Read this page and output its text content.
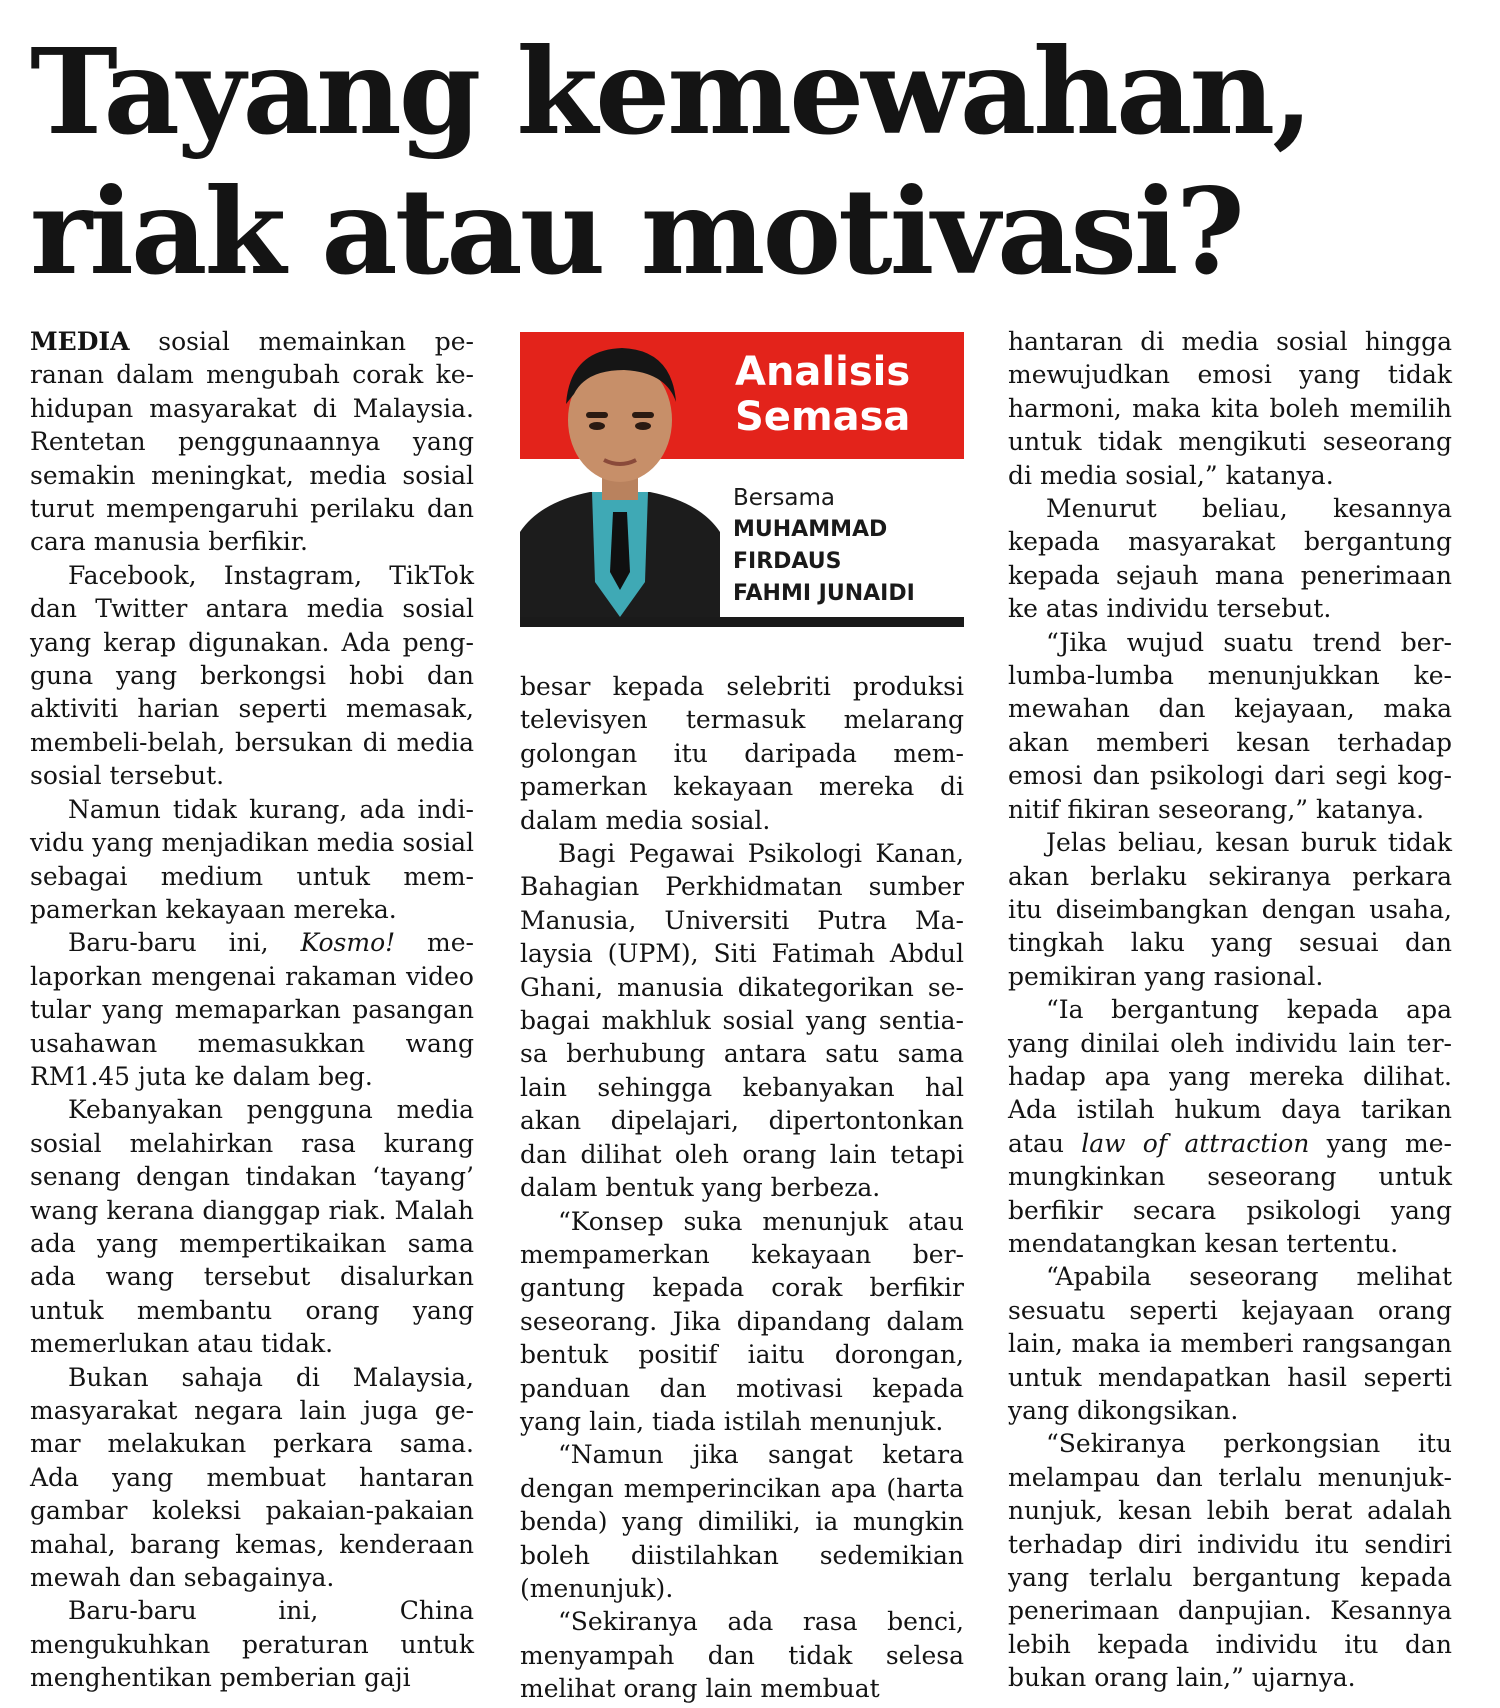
Tayang kemewahan,
riak atau motivasi?

MEDIA sosial memainkan peranan dalam mengubah corak kehidupan masyarakat di Malaysia. Rentetan penggunaannya yang semakin meningkat, media sosial turut mempengaruhi perilaku dan cara manusia berfikir.

Facebook, Instagram, TikTok dan Twitter antara media sosial yang kerap digunakan. Ada pengguna yang berkongsi hobi dan aktiviti harian seperti memasak, membeli-belah, bersukan di media sosial tersebut.

Namun tidak kurang, ada individu yang menjadikan media sosial sebagai medium untuk mempamerkan kekayaan mereka.

Baru-baru ini, Kosmo! melaporkan mengenai rakaman video tular yang memaparkan pasangan usahawan memasukkan wang RM1.45 juta ke dalam beg.

Kebanyakan pengguna media sosial melahirkan rasa kurang senang dengan tindakan ‘tayang’ wang kerana dianggap riak. Malah ada yang mempertikaikan sama ada wang tersebut disalurkan untuk membantu orang yang memerlukan atau tidak.

Bukan sahaja di Malaysia, masyarakat negara lain juga gemar melakukan perkara sama. Ada yang membuat hantaran gambar koleksi pakaian-pakaian mahal, barang kemas, kenderaan mewah dan sebagainya.

Baru-baru ini, China mengukuhkan peraturan untuk menghentikan pemberian gaji

Analisis
Semasa
Bersama
MUHAMMAD
FIRDAUS
FAHMI JUNAIDI

besar kepada selebriti produksi televisyen termasuk melarang golongan itu daripada mempamerkan kekayaan mereka di dalam media sosial.

Bagi Pegawai Psikologi Kanan, Bahagian Perkhidmatan sumber Manusia, Universiti Putra Malaysia (UPM), Siti Fatimah Abdul Ghani, manusia dikategorikan sebagai makhluk sosial yang sentiasa berhubung antara satu sama lain sehingga kebanyakan hal akan dipelajari, dipertontonkan dan dilihat oleh orang lain tetapi dalam bentuk yang berbeza.

“Konsep suka menunjuk atau mempamerkan kekayaan bergantung kepada corak berfikir seseorang. Jika dipandang dalam bentuk positif iaitu dorongan, panduan dan motivasi kepada yang lain, tiada istilah menunjuk.

“Namun jika sangat ketara dengan memperincikan apa (harta benda) yang dimiliki, ia mungkin boleh diistilahkan sedemikian (menunjuk).

“Sekiranya ada rasa benci, menyampah dan tidak selesa melihat orang lain membuat

hantaran di media sosial hingga mewujudkan emosi yang tidak harmoni, maka kita boleh memilih untuk tidak mengikuti seseorang di media sosial,” katanya.

Menurut beliau, kesannya kepada masyarakat bergantung kepada sejauh mana penerimaan ke atas individu tersebut.

“Jika wujud suatu trend berlumba-lumba menunjukkan kemewahan dan kejayaan, maka akan memberi kesan terhadap emosi dan psikologi dari segi kognitif fikiran seseorang,” katanya.

Jelas beliau, kesan buruk tidak akan berlaku sekiranya perkara itu diseimbangkan dengan usaha, tingkah laku yang sesuai dan pemikiran yang rasional.

“Ia bergantung kepada apa yang dinilai oleh individu lain terhadap apa yang mereka dilihat. Ada istilah hukum daya tarikan atau law of attraction yang memungkinkan seseorang untuk berfikir secara psikologi yang mendatangkan kesan tertentu.

“Apabila seseorang melihat sesuatu seperti kejayaan orang lain, maka ia memberi rangsangan untuk mendapatkan hasil seperti yang dikongsikan.

“Sekiranya perkongsian itu melampau dan terlalu menunjuknunjuk, kesan lebih berat adalah terhadap diri individu itu sendiri yang terlalu bergantung kepada penerimaan danpujian. Kesannya lebih kepada individu itu dan bukan orang lain,” ujarnya.
